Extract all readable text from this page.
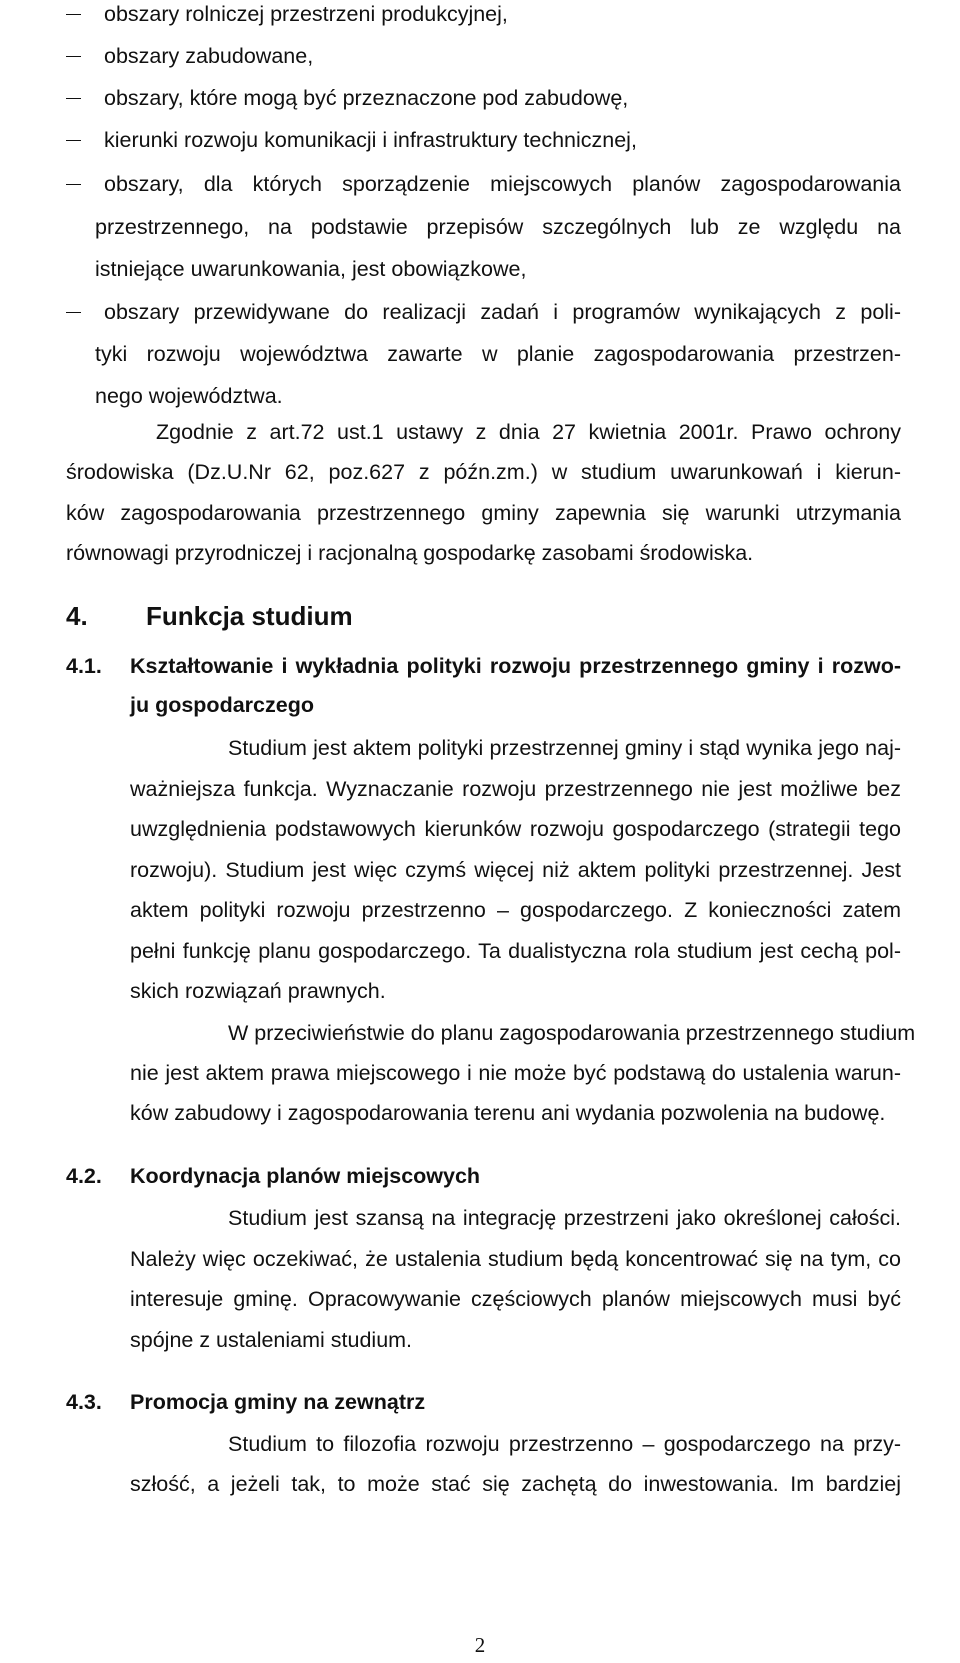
obszary rolniczej przestrzeni produkcyjnej,
obszary zabudowane,
obszary, które mogą być przeznaczone pod zabudowę,
kierunki rozwoju komunikacji i infrastruktury technicznej,
obszary, dla których sporządzenie miejscowych planów zagospodarowania
przestrzennego, na podstawie przepisów szczególnych lub ze względu na
istniejące uwarunkowania, jest obowiązkowe,
obszary przewidywane do realizacji zadań i programów wynikających z poli-
tyki rozwoju województwa zawarte w planie zagospodarowania przestrzen-
nego województwa.
Zgodnie z art.72 ust.1 ustawy z dnia 27 kwietnia 2001r. Prawo ochrony
środowiska (Dz.U.Nr 62, poz.627 z późn.zm.) w studium uwarunkowań i kierun-
ków zagospodarowania przestrzennego gminy zapewnia się warunki utrzymania
równowagi przyrodniczej i racjonalną gospodarkę zasobami środowiska.
4. Funkcja studium
4.1. Kształtowanie i wykładnia polityki rozwoju przestrzennego gminy i rozwo-
ju gospodarczego
Studium jest aktem polityki przestrzennej gminy i stąd wynika jego naj-
ważniejsza funkcja. Wyznaczanie rozwoju przestrzennego nie jest możliwe bez
uwzględnienia podstawowych kierunków rozwoju gospodarczego (strategii tego
rozwoju). Studium jest więc czymś więcej niż aktem polityki przestrzennej. Jest
aktem polityki rozwoju przestrzenno – gospodarczego. Z konieczności zatem
pełni funkcję planu gospodarczego. Ta dualistyczna rola studium jest cechą pol-
skich rozwiązań prawnych.
W przeciwieństwie do planu zagospodarowania przestrzennego studium
nie jest aktem prawa miejscowego i nie może być podstawą do ustalenia warun-
ków zabudowy i zagospodarowania terenu ani wydania pozwolenia na budowę.
4.2. Koordynacja planów miejscowych
Studium jest szansą na integrację przestrzeni jako określonej całości.
Należy więc oczekiwać, że ustalenia studium będą koncentrować się na tym, co
interesuje gminę. Opracowywanie częściowych planów miejscowych musi być
spójne z ustaleniami studium.
4.3. Promocja gminy na zewnątrz
Studium to filozofia rozwoju przestrzenno – gospodarczego na przy-
szłość, a jeżeli tak, to może stać się zachętą do inwestowania. Im bardziej
2
